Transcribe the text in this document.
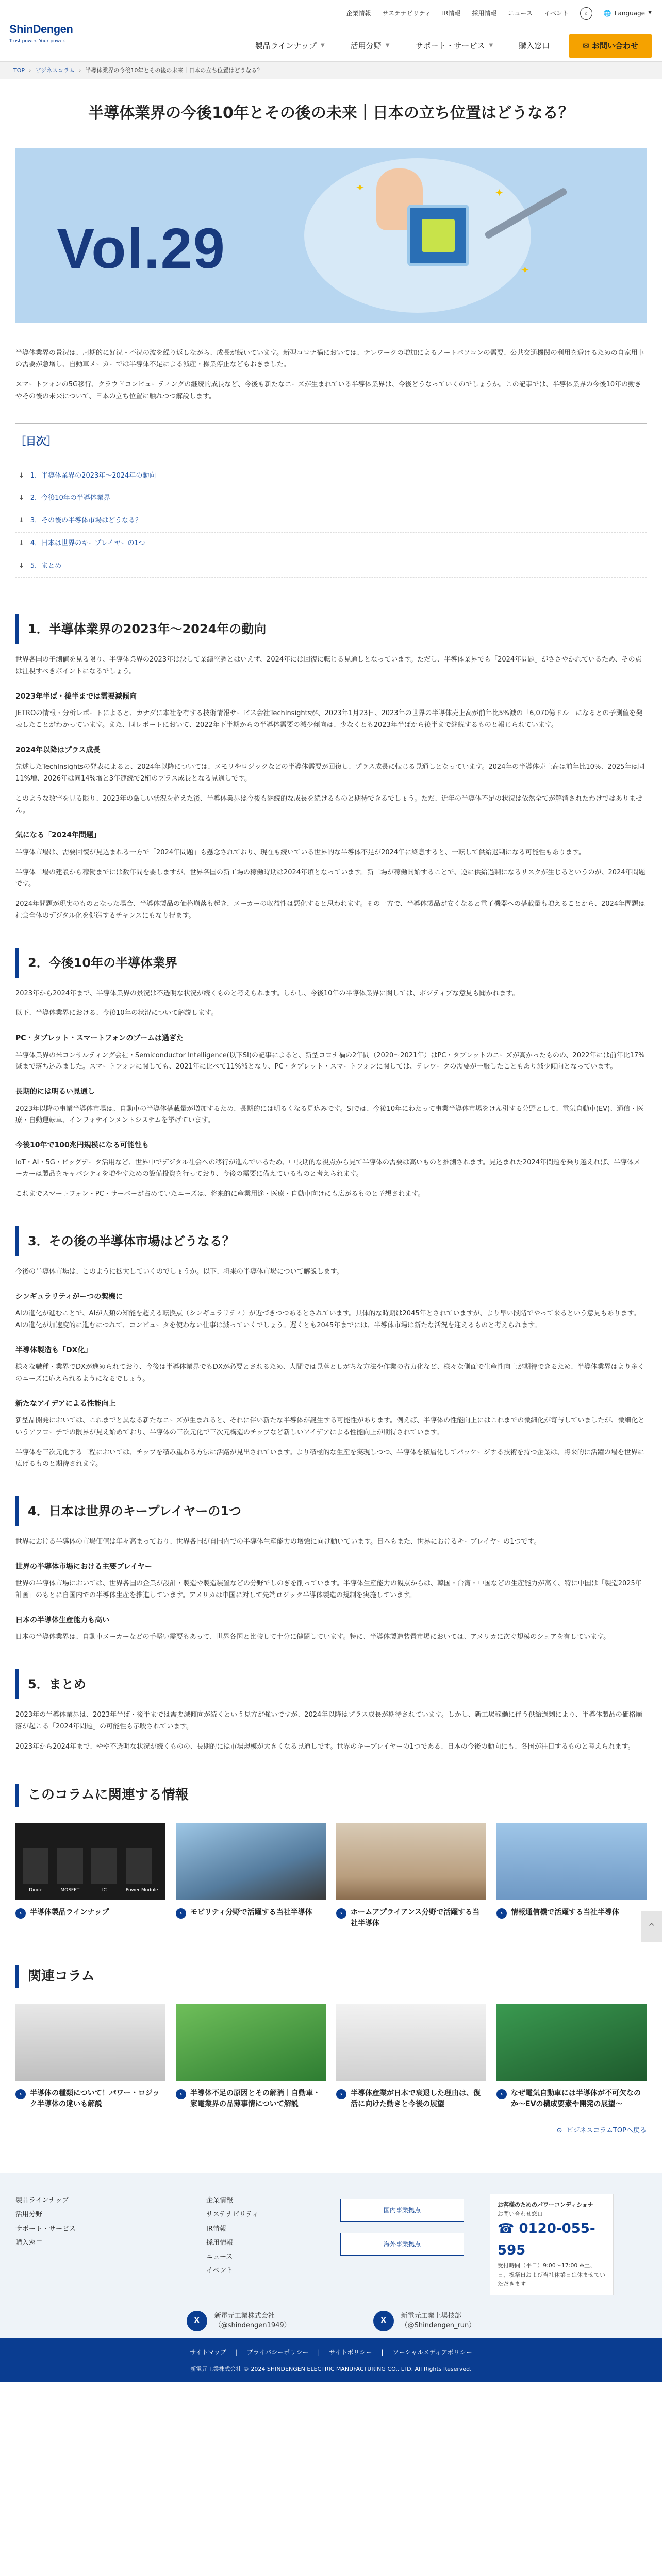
ShinDengen
Trust power. Your power.
企業情報 サステナビリティ IR情報 採用情報 ニュース イベント	⌕	🌐 Language ▼
製品ラインナップ ▼	活用分野 ▼	サポート・サービス ▼	購入窓口	✉ お問い合わせ
TOP › ビジネスコラム › 半導体業界の今後10年とその後の未来｜日本の立ち位置はどうなる？
半導体業界の今後10年とその後の未来｜日本の立ち位置はどうなる？
Vol.29
✦	✦
✦

半導体業界の景況は、周期的に好況・不況の波を繰り返しながら、成長が続いています。新型コロナ禍においては、テレワークの増加によるノートパソコンの需要、公共交通機関の利用を避けるための自家用車の需要が急増し、自動車メーカーでは半導体不足による減産・操業停止などもおきました。

スマートフォンの5G移行、クラウドコンピューティングの継続的成長など、今後も新たなニーズが生まれている半導体業界は、今後どうなっていくのでしょうか。この記事では、半導体業界の今後10年の動きやその後の未来について、日本の立ち位置に触れつつ解説します。

［目次］
↓ 1．半導体業界の2023年～2024年の動向
↓ 2．今後10年の半導体業界
↓ 3．その後の半導体市場はどうなる？
↓ 4．日本は世界のキープレイヤーの1つ
↓ 5．まとめ
1．半導体業界の2023年～2024年の動向

世界各国の予測値を見る限り、半導体業界の2023年は決して業績堅調とはいえず、2024年には回復に転じる見通しとなっています。ただし、半導体業界でも「2024年問題」がささやかれているため、その点は注視すべきポイントになるでしょう。

2023年半ば・後半までは需要減傾向

JETROの情報・分析レポートによると、カナダに本社を有する技術情報サービス会社TechInsightsが、2023年1月23日、2023年の世界の半導体売上高が前年比5%減の「6,070億ドル」になるとの予測値を発表したことがわかっています。また、同レポートにおいて、2022年下半期からの半導体需要の減少傾向は、少なくとも2023年半ばから後半まで継続するものと報じられています。

2024年以降はプラス成長

先述したTechInsightsの発表によると、2024年以降については、メモリやロジックなどの半導体需要が回復し、プラス成長に転じる見通しとなっています。2024年の半導体売上高は前年比10%、2025年は同11%増、2026年は同14%増と3年連続で2桁のプラス成長となる見通しです。

このような数字を見る限り、2023年の厳しい状況を超えた後、半導体業界は今後も継続的な成長を続けるものと期待できるでしょう。ただ、近年の半導体不足の状況は依然全てが解消されたわけではありません。

気になる「2024年問題」

半導体市場は、需要回復が見込まれる一方で「2024年問題」も懸念されており、現在も続いている世界的な半導体不足が2024年に終息すると、一転して供給過剰になる可能性もあります。

半導体工場の建設から稼働までには数年間を要しますが、世界各国の新工場の稼働時期は2024年頃となっています。新工場が稼働開始することで、逆に供給過剰になるリスクが生じるというのが、2024年問題です。

2024年問題が現実のものとなった場合、半導体製品の価格崩落も起き、メーカーの収益性は悪化すると思われます。その一方で、半導体製品が安くなると電子機器への搭載量も増えることから、2024年問題は社会全体のデジタル化を促進するチャンスにもなり得ます。

2．今後10年の半導体業界

2023年から2024年まで、半導体業界の景況は不透明な状況が続くものと考えられます。しかし、今後10年の半導体業界に関しては、ポジティブな意見も聞かれます。

以下、半導体業界における、今後10年の状況について解説します。

PC・タブレット・スマートフォンのブームは過ぎた

半導体業界の米コンサルティング会社・Semiconductor Intelligence(以下SI)の記事によると、新型コロナ禍の2年間（2020～2021年）はPC・タブレットのニーズが高かったものの、2022年には前年比17%減まで落ち込みました。スマートフォンに関しても、2021年に比べて11%減となり、PC・タブレット・スマートフォンに関しては、テレワークの需要が一服したこともあり減少傾向となっています。

長期的には明るい見通し

2023年以降の事業半導体市場は、自動車の半導体搭載量が増加するため、長期的には明るくなる見込みです。SIでは、今後10年にわたって事業半導体市場をけん引する分野として、電気自動車(EV)、通信・医療・自動運転車、インフォテインメントシステムを挙げています。

今後10年で100兆円規模になる可能性も

IoT・AI・5G・ビッグデータ活用など、世界中でデジタル社会への移行が進んでいるため、中長期的な視点から見て半導体の需要は高いものと推測されます。見込まれた2024年問題を乗り越えれば、半導体メーカーは製品をキャパシティを増やすための設備投資を行っており、今後の需要に備えているものと考えられます。

これまでスマートフォン・PC・サーバーが占めていたニーズは、将来的に産業用途・医療・自動車向けにも広がるものと予想されます。

3．その後の半導体市場はどうなる？

今後の半導体市場は、このように拡大していくのでしょうか。以下、将来の半導体市場について解説します。

シンギュラリティがーつの契機に

AIの進化が進むことで、AIが人類の知能を超える転換点（シンギュラリティ）が近づきつつあるとされています。具体的な時期は2045年とされていますが、より早い段階でやって来るという意見もあります。AIの進化が加速度的に進むにつれて、コンピュータを使わない仕事は減っていくでしょう。遅くとも2045年までには、半導体市場は新たな活況を迎えるものと考えられます。

半導体製造も「DX化」

様々な職種・業界でDXが進められており、今後は半導体業界でもDXが必要とされるため、人間では見落としがちな方法や作業の省力化など、様々な側面で生産性向上が期待できるため、半導体業界はより多くのニーズに応えられるようになるでしょう。

新たなアイデアによる性能向上

新型品開発においては、これまでと異なる新たなニーズが生まれると、それに伴い新たな半導体が誕生する可能性があります。例えば、半導体の性能向上にはこれまでの微細化が寄与していましたが、微細化というアプローチでの限界が見え始めており、半導体の三次元化で三次元構造のチップなど新しいアイデアによる性能向上が期待されています。

半導体を三次元化する工程においては、チップを積み重ねる方法に活路が見出されています。より積極的な生産を実現しつつ、半導体を積層化してパッケージする技術を持つ企業は、将来的に活躍の場を世界に広げるものと期待されます。

4．日本は世界のキープレイヤーの1つ

世界における半導体の市場価値は年々高まっており、世界各国が自国内での半導体生産能力の増強に向け動いています。日本もまた、世界におけるキープレイヤーの1つです。

世界の半導体市場における主要プレイヤー

世界の半導体市場においては、世界各国の企業が設計・製造や製造装置などの分野でしのぎを削っています。半導体生産能力の観点からは、韓国・台湾・中国などの生産能力が高く、特に中国は「製造2025年計画」のもとに自国内での半導体生産を推進しています。アメリカは中国に対して先端ロジック半導体製造の規制を実施しています。

日本の半導体生産能力も高い

日本の半導体業界は、自動車メーカーなどの手堅い需要もあって、世界各国と比較して十分に健闘しています。特に、半導体製造装置市場においては、アメリカに次ぐ規模のシェアを有しています。

5．まとめ

2023年の半導体業界は、2023年半ば・後半までは需要減傾向が続くという見方が強いですが、2024年以降はプラス成長が期待されています。しかし、新工場稼働に伴う供給過剰により、半導体製品の価格崩落が起こる「2024年問題」の可能性も示唆されています。

2023年から2024年まで、やや不透明な状況が続くものの、長期的には市場規模が大きくなる見通しです。世界のキープレイヤーの1つである、日本の今後の動向にも、各国が注目するものと考えられます。

このコラムに関連する情報
Diode	MOSFET	IC	Power Module
›	半導体製品ラインナップ	›	モビリティ分野で活躍する当社半導体	›	ホームアプライアンス分野で活躍する当社半導体
›	情報通信機で活躍する当社半導体
関連コラム
›	半導体の種類について！パワー・ロジック半導体の違いも解説
›	半導体不足の原因とその解消｜自動車・家電業界の品薄事情について解説
›	半導体産業が日本で衰退した理由は、復活に向けた動きと今後の展望
›	なぜ電気自動車には半導体が不可欠なのか〜EVの構成要素や開発の展望〜
⊙ ビジネスコラムTOPへ戻る
^
製品ラインナップ
活用分野
サポート・サービス
購入窓口
企業情報
サステナビリティ
IR情報
採用情報
ニュース
イベント
国内事業拠点
海外事業拠点
お客様のためのパワーコンディショナ
お問い合わせ窓口
☎ 0120-055-595
受付時間（平日）9:00〜17:00 ※土、日、祝祭日および当社休業日は休ませていただきます
X
新電元工業株式会社
（@shindengen1949）
X
新電元工業上場技部
（@Shindengen_run）
サイトマップ | プライバシーポリシー | サイトポリシー | ソーシャルメディアポリシー
新電元工業株式会社 © 2024 SHINDENGEN ELECTRIC MANUFACTURING CO., LTD. All Rights Reserved.
